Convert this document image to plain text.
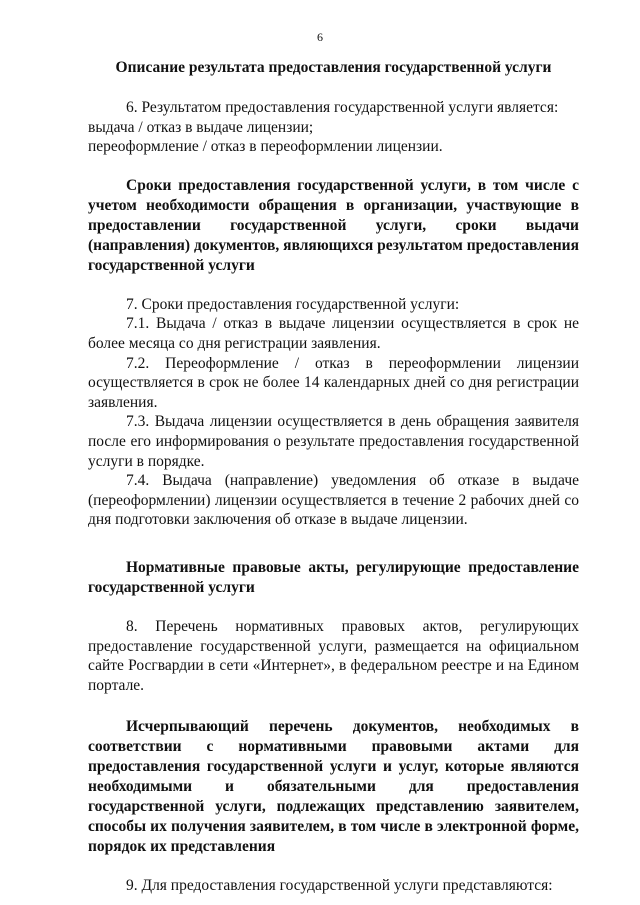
6

Описание результата предоставления государственной услуги

6. Результатом предоставления государственной услуги является:

выдача / отказ в выдаче лицензии;

переоформление / отказ в переоформлении лицензии.

Сроки предоставления государственной услуги, в том числе с учетом необходимости обращения в организации, участвующие в предоставлении государственной услуги, сроки выдачи (направления) документов, являющихся результатом предоставления государственной услуги

7. Сроки предоставления государственной услуги:

7.1. Выдача / отказ в выдаче лицензии осуществляется в срок не более месяца со дня регистрации заявления.

7.2. Переоформление / отказ в переоформлении лицензии осуществляется в срок не более 14 календарных дней со дня регистрации заявления.

7.3. Выдача лицензии осуществляется в день обращения заявителя после его информирования о результате предоставления государственной услуги в порядке.

7.4. Выдача (направление) уведомления об отказе в выдаче (переоформлении) лицензии осуществляется в течение 2 рабочих дней со дня подготовки заключения об отказе в выдаче лицензии.

Нормативные правовые акты, регулирующие предоставление государственной услуги

8. Перечень нормативных правовых актов, регулирующих предоставление государственной услуги, размещается на официальном сайте Росгвардии в сети «Интернет», в федеральном реестре и на Едином портале.

Исчерпывающий перечень документов, необходимых в соответствии с нормативными правовыми актами для предоставления государственной услуги и услуг, которые являются необходимыми и обязательными для предоставления государственной услуги, подлежащих представлению заявителем, способы их получения заявителем, в том числе в электронной форме, порядок их представления

9. Для предоставления государственной услуги представляются:
